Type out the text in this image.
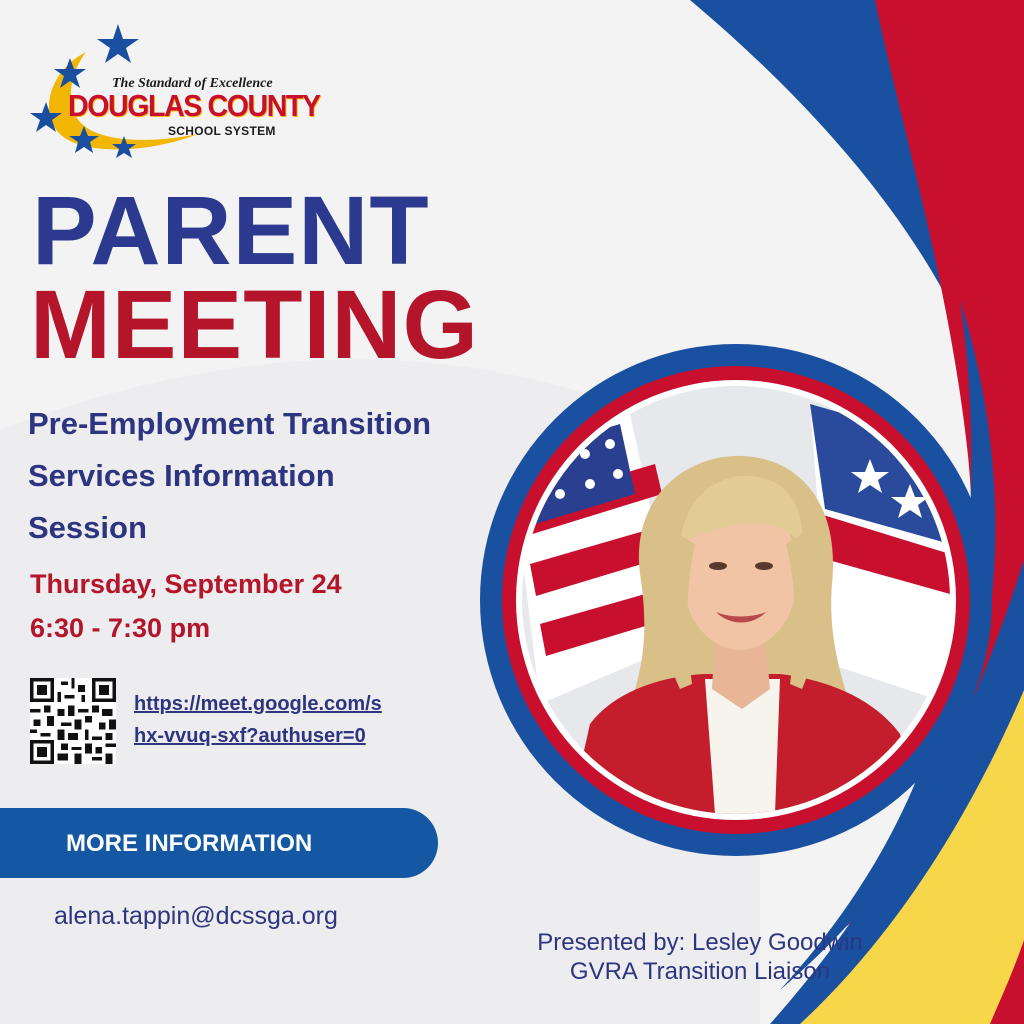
The Standard of Excellence
DOUGLAS COUNTY
SCHOOL SYSTEM
PARENT
MEETING
Pre-Employment Transition
Services Information
Session
Thursday, September 24
6:30 - 7:30 pm
https://meet.google.com/s
hx-vvuq-sxf?authuser=0
MORE INFORMATION
alena.tappin@dcssga.org
Presented by: Lesley Goodwin
GVRA Transition Liaison
